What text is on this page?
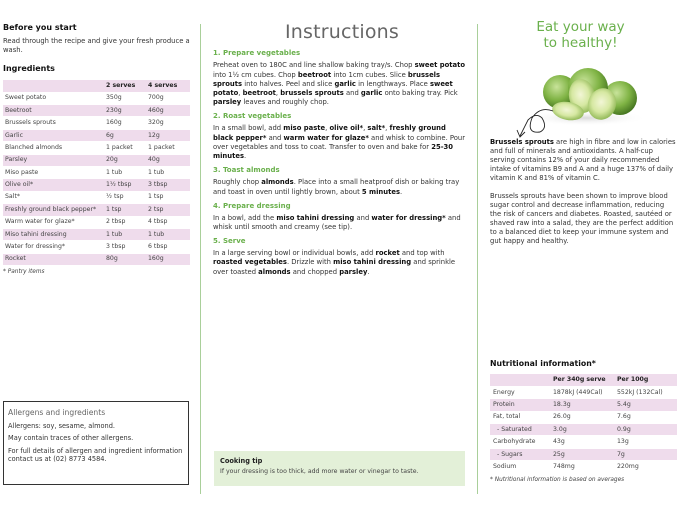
Before you start
Read through the recipe and give your fresh produce a wash.
Ingredients
	2 serves	4 serves
Sweet potato	350g	700g
Beetroot	230g	460g
Brussels sprouts	160g	320g
Garlic	6g	12g
Blanched almonds	1 packet	1 packet
Parsley	20g	40g
Miso paste	1 tub	1 tub
Olive oil*	1½ tbsp	3 tbsp
Salt*	½ tsp	1 tsp
Freshly ground black pepper*	1 tsp	2 tsp
Warm water for glaze*	2 tbsp	4 tbsp
Miso tahini dressing	1 tub	1 tub
Water for dressing*	3 tbsp	6 tbsp
Rocket	80g	160g
* Pantry items
Allergens and ingredients

Allergens: soy, sesame, almond.

May contain traces of other allergens.

For full details of allergen and ingredient information contact us at (02) 8773 4584.

Instructions
1. Prepare vegetables
Preheat oven to 180C and line shallow baking tray/s. Chop sweet potato into 1½ cm cubes. Chop beetroot into 1cm cubes. Slice brussels sprouts into halves. Peel and slice garlic in lengthways. Place sweet potato, beetroot, brussels sprouts and garlic onto baking tray. Pick parsley leaves and roughly chop.
2. Roast vegetables
In a small bowl, add miso paste, olive oil*, salt*, freshly ground black pepper* and warm water for glaze* and whisk to combine. Pour over vegetables and toss to coat. Transfer to oven and bake for 25-30 minutes.
3. Toast almonds
Roughly chop almonds. Place into a small heatproof dish or baking tray and toast in oven until lightly brown, about 5 minutes.
4. Prepare dressing
In a bowl, add the miso tahini dressing and water for dressing* and whisk until smooth and creamy (see tip).
5. Serve
In a large serving bowl or individual bowls, add rocket and top with roasted vegetables. Drizzle with miso tahini dressing and sprinkle over toasted almonds and chopped parsley.
Cooking tip
If your dressing is too thick, add more water or vinegar to taste.
Eat your way
to healthy!
Brussels sprouts are high in fibre and low in calories
and full of minerals and antioxidants. A half-cup
serving contains 12% of your daily recommended
intake of vitamins B9 and A and a huge 137% of daily
vitamin K and 81% of vitamin C.
Brussels sprouts have been shown to improve blood
sugar control and decrease inflammation, reducing
the risk of cancers and diabetes. Roasted, sautéed or
shaved raw into a salad, they are the perfect addition
to a balanced diet to keep your immune system and
gut happy and healthy.
Nutritional information*
	Per 340g serve	Per 100g
Energy	1878kJ (449Cal)	552kJ (132Cal)
Protein	18.3g	5.4g
Fat, total	26.0g	7.6g
- Saturated	3.0g	0.9g
Carbohydrate	43g	13g
- Sugars	25g	7g
Sodium	748mg	220mg
* Nutritional information is based on averages
